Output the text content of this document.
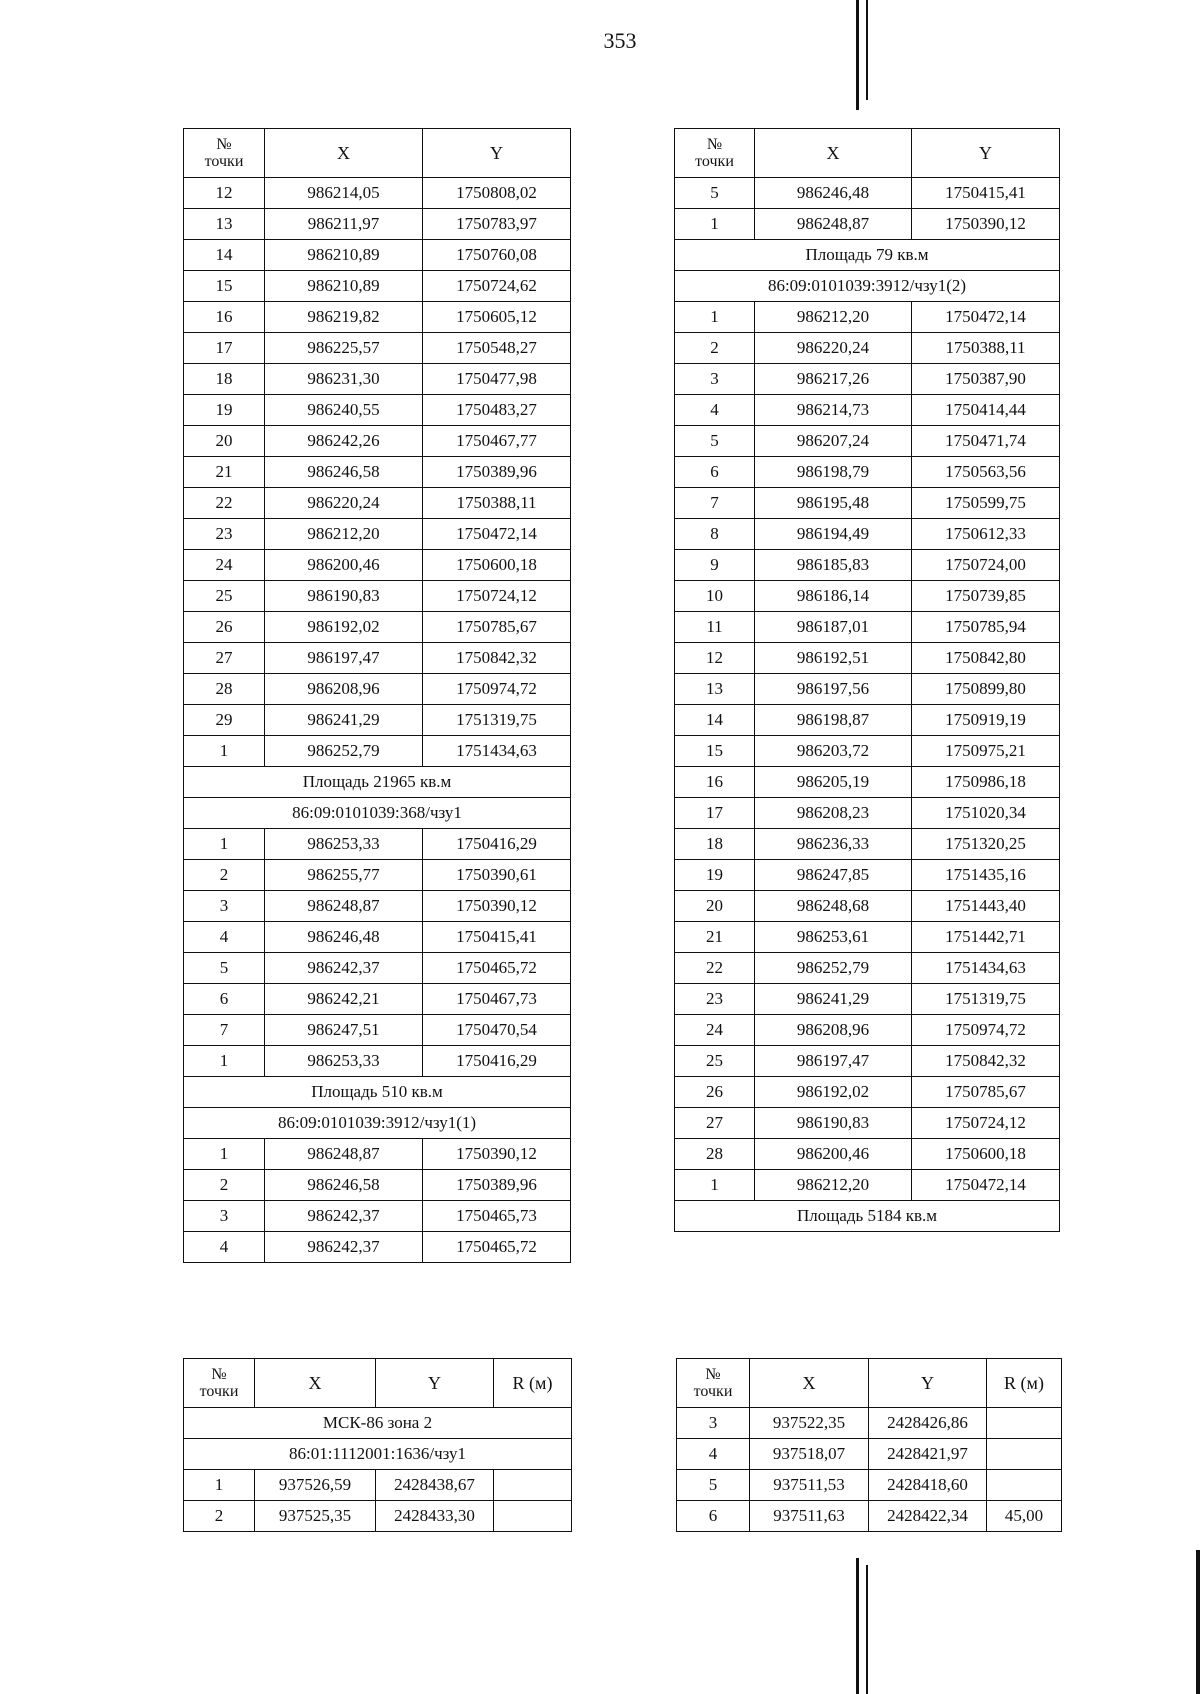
353
№
точки	X	Y
12	986214,05	1750808,02
13	986211,97	1750783,97
14	986210,89	1750760,08
15	986210,89	1750724,62
16	986219,82	1750605,12
17	986225,57	1750548,27
18	986231,30	1750477,98
19	986240,55	1750483,27
20	986242,26	1750467,77
21	986246,58	1750389,96
22	986220,24	1750388,11
23	986212,20	1750472,14
24	986200,46	1750600,18
25	986190,83	1750724,12
26	986192,02	1750785,67
27	986197,47	1750842,32
28	986208,96	1750974,72
29	986241,29	1751319,75
1	986252,79	1751434,63
Площадь 21965 кв.м		
86:09:0101039:368/чзу1		
1	986253,33	1750416,29
2	986255,77	1750390,61
3	986248,87	1750390,12
4	986246,48	1750415,41
5	986242,37	1750465,72
6	986242,21	1750467,73
7	986247,51	1750470,54
1	986253,33	1750416,29
Площадь 510 кв.м		
86:09:0101039:3912/чзу1(1)		
1	986248,87	1750390,12
2	986246,58	1750389,96
3	986242,37	1750465,73
4	986242,37	1750465,72
№
точки	X	Y
5	986246,48	1750415,41
1	986248,87	1750390,12
Площадь 79 кв.м		
86:09:0101039:3912/чзу1(2)		
1	986212,20	1750472,14
2	986220,24	1750388,11
3	986217,26	1750387,90
4	986214,73	1750414,44
5	986207,24	1750471,74
6	986198,79	1750563,56
7	986195,48	1750599,75
8	986194,49	1750612,33
9	986185,83	1750724,00
10	986186,14	1750739,85
11	986187,01	1750785,94
12	986192,51	1750842,80
13	986197,56	1750899,80
14	986198,87	1750919,19
15	986203,72	1750975,21
16	986205,19	1750986,18
17	986208,23	1751020,34
18	986236,33	1751320,25
19	986247,85	1751435,16
20	986248,68	1751443,40
21	986253,61	1751442,71
22	986252,79	1751434,63
23	986241,29	1751319,75
24	986208,96	1750974,72
25	986197,47	1750842,32
26	986192,02	1750785,67
27	986190,83	1750724,12
28	986200,46	1750600,18
1	986212,20	1750472,14
Площадь 5184 кв.м		
№
точки	X	Y	R (м)
МСК-86 зона 2			
86:01:1112001:1636/чзу1			
1	937526,59	2428438,67	
2	937525,35	2428433,30	
№
точки	X	Y	R (м)
3	937522,35	2428426,86	
4	937518,07	2428421,97	
5	937511,53	2428418,60	
6	937511,63	2428422,34	45,00
